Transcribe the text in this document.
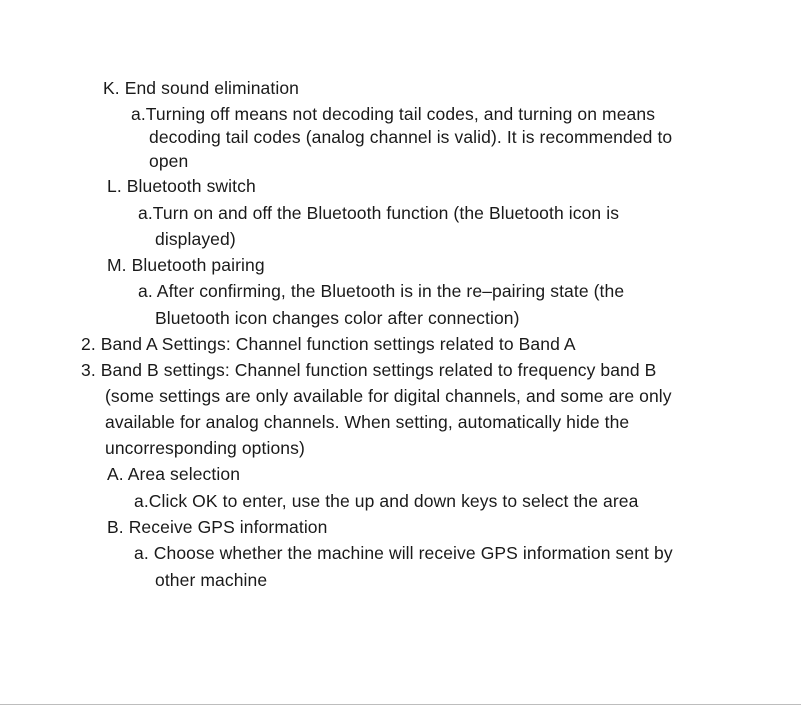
K. End sound elimination
a.Turning off means not decoding tail codes, and turning on means
decoding tail codes (analog channel is valid). It is recommended to
open
L. Bluetooth switch
a.Turn on and off the Bluetooth function (the Bluetooth icon is
displayed)
M. Bluetooth pairing
a. After confirming, the Bluetooth is in the re–pairing state (the
Bluetooth icon changes color after connection)
2. Band A Settings: Channel function settings related to Band A
3. Band B settings: Channel function settings related to frequency band B
(some settings are only available for digital channels, and some are only
available for analog channels. When setting, automatically hide the
uncorresponding options)
A. Area selection
a.Click OK to enter, use the up and down keys to select the area
B. Receive GPS information
a. Choose whether the machine will receive GPS information sent by
other machine
